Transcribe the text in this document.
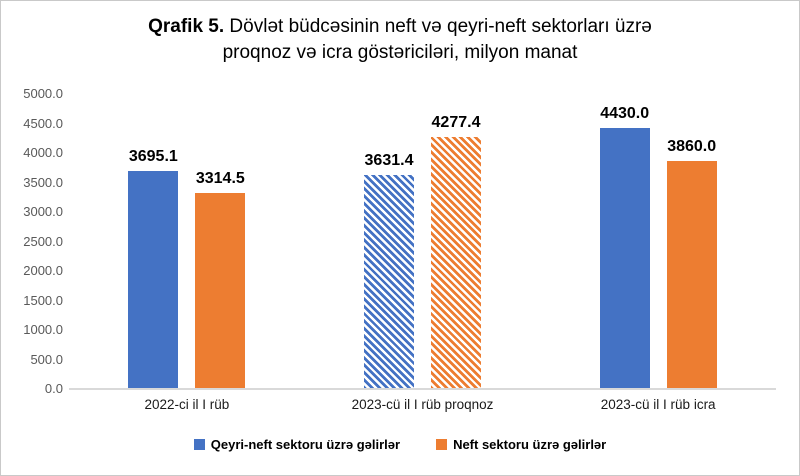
Qrafik 5. Dövlət büdcəsinin neft və qeyri-neft sektorları üzrə
proqnoz və icra göstəriciləri, milyon manat
0.0
500.0
1000.0
1500.0
2000.0
2500.0
3000.0
3500.0
4000.0
4500.0
5000.0
3695.1
3314.5
3631.4
4277.4
4430.0
3860.0
2022-ci il I rüb	2023-cü il I rüb proqnoz	2023-cü il I rüb icra
Qeyri-neft sektoru üzrə gəlirlər	Neft sektoru üzrə gəlirlər
